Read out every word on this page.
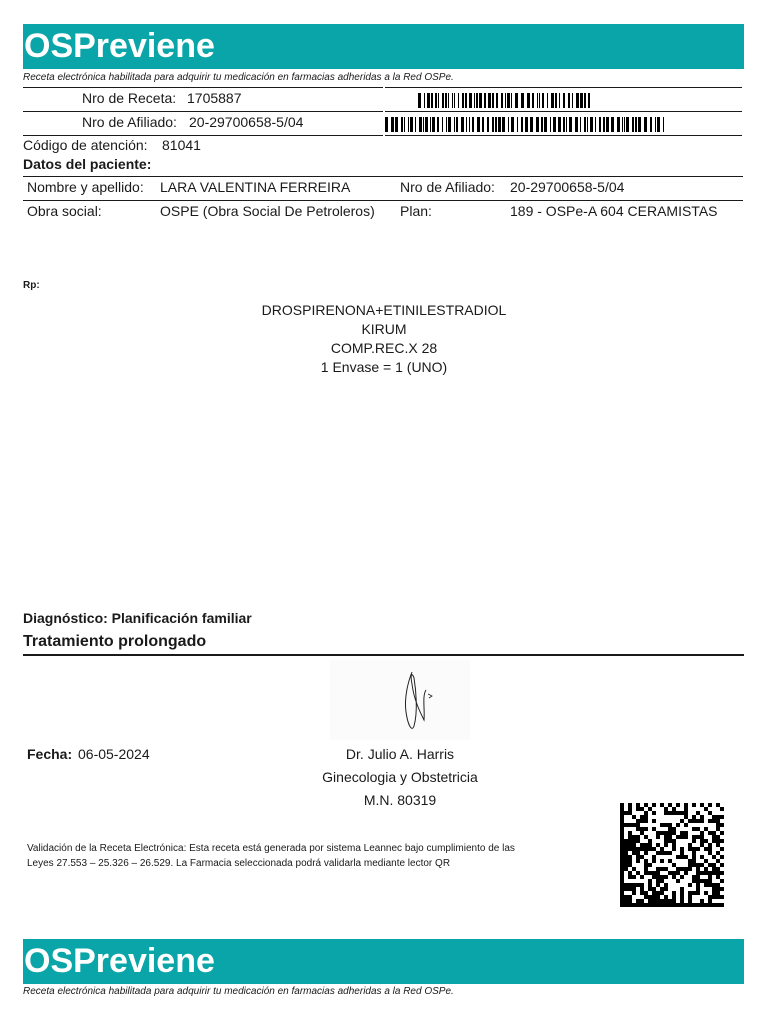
OSPreviene
Receta electrónica habilitada para adquirir tu medicación en farmacias adheridas a la Red OSPe.
Nro de Receta: 1705887
Nro de Afiliado: 20-29700658-5/04
Código de atención: 81041
Datos del paciente:
Nombre y apellido: LARA VALENTINA FERREIRA	Nro de Afiliado: 20-29700658-5/04
Obra social:	OSPE (Obra Social De Petroleros) Plan:	189 - OSPe-A 604 CERAMISTAS
Rp:
DROSPIRENONA+ETINILESTRADIOL
KIRUM
COMP.REC.X 28
1 Envase = 1 (UNO)
Diagnóstico: Planificación familiar
Tratamiento prolongado
Fecha: 06-05-2024	Dr. Julio A. Harris
Ginecologia y Obstetricia
M.N. 80319
Validación de la Receta Electrónica: Esta receta está generada por sistema Leannec bajo cumplimiento de las
Leyes 27.553 – 25.326 – 26.529. La Farmacia seleccionada podrá validarla mediante lector QR
OSPreviene
Receta electrónica habilitada para adquirir tu medicación en farmacias adheridas a la Red OSPe.
